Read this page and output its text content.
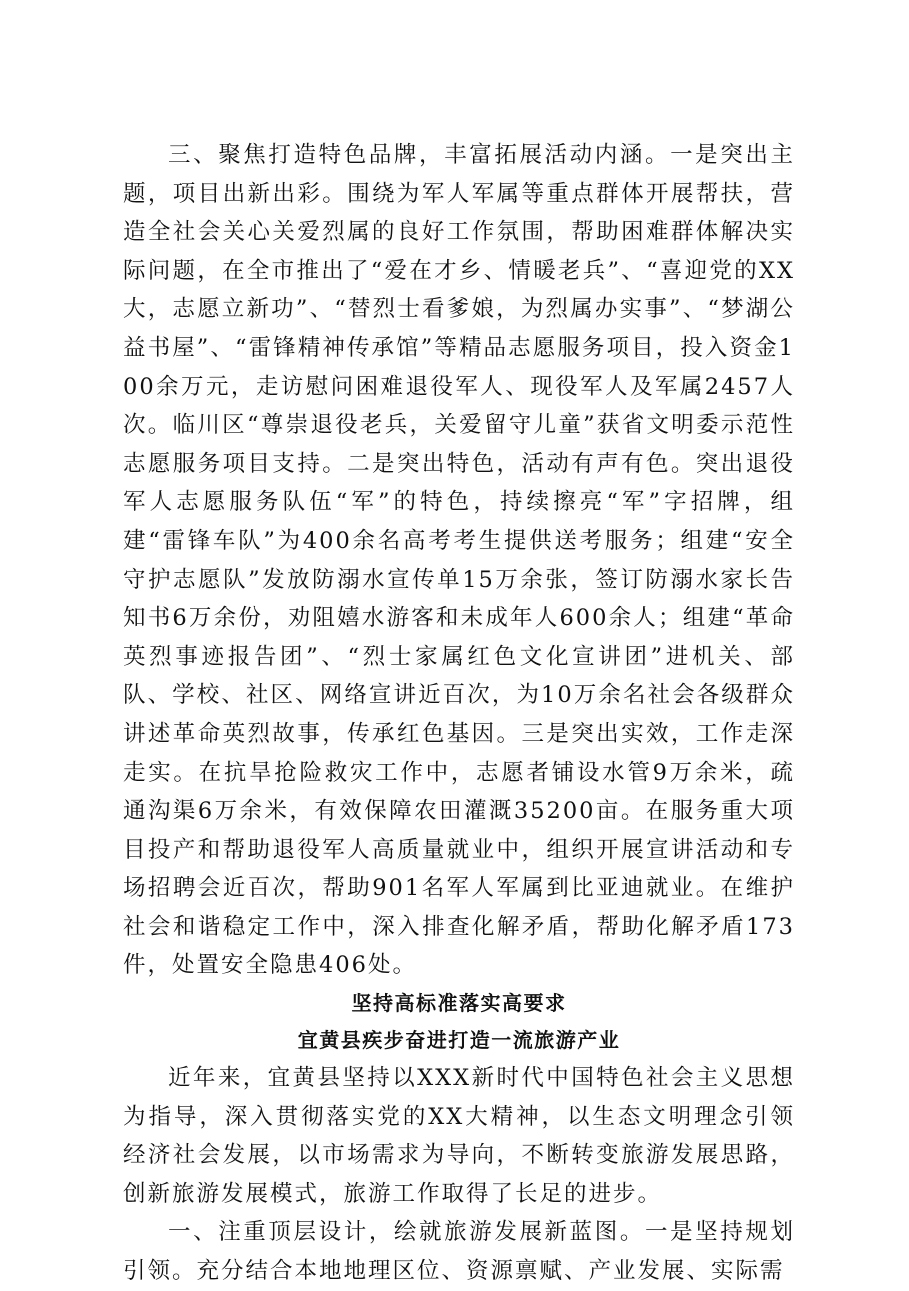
三、聚焦打造特色品牌，丰富拓展活动内涵。一是突出主题，项目出新出彩。围绕为军人军属等重点群体开展帮扶，营造全社会关心关爱烈属的良好工作氛围，帮助困难群体解决实际问题，在全市推出了“爱在才乡、情暖老兵”、“喜迎党的XX大，志愿立新功”、“替烈士看爹娘，为烈属办实事”、“梦湖公益书屋”、“雷锋精神传承馆”等精品志愿服务项目，投入资金100余万元，走访慰问困难退役军人、现役军人及军属2457人次。临川区“尊崇退役老兵，关爱留守儿童”获省文明委示范性志愿服务项目支持。二是突出特色，活动有声有色。突出退役军人志愿服务队伍“军”的特色，持续擦亮“军”字招牌，组建“雷锋车队”为400余名高考考生提供送考服务；组建“安全守护志愿队”发放防溺水宣传单15万余张，签订防溺水家长告知书6万余份，劝阻嬉水游客和未成年人600余人；组建“革命英烈事迹报告团”、“烈士家属红色文化宣讲团”进机关、部队、学校、社区、网络宣讲近百次，为10万余名社会各级群众讲述革命英烈故事，传承红色基因。三是突出实效，工作走深走实。在抗旱抢险救灾工作中，志愿者铺设水管9万余米，疏通沟渠6万余米，有效保障农田灌溉35200亩。在服务重大项目投产和帮助退役军人高质量就业中，组织开展宣讲活动和专场招聘会近百次，帮助901名军人军属到比亚迪就业。在维护社会和谐稳定工作中，深入排查化解矛盾，帮助化解矛盾173件，处置安全隐患406处。

坚持高标准落实高要求
宜黄县疾步奋进打造一流旅游产业

近年来，宜黄县坚持以XXX新时代中国特色社会主义思想为指导，深入贯彻落实党的XX大精神，以生态文明理念引领经济社会发展，以市场需求为导向，不断转变旅游发展思路，创新旅游发展模式，旅游工作取得了长足的进步。

一、注重顶层设计，绘就旅游发展新蓝图。一是坚持规划引领。充分结合本地地理区位、资源禀赋、产业发展、实际需
